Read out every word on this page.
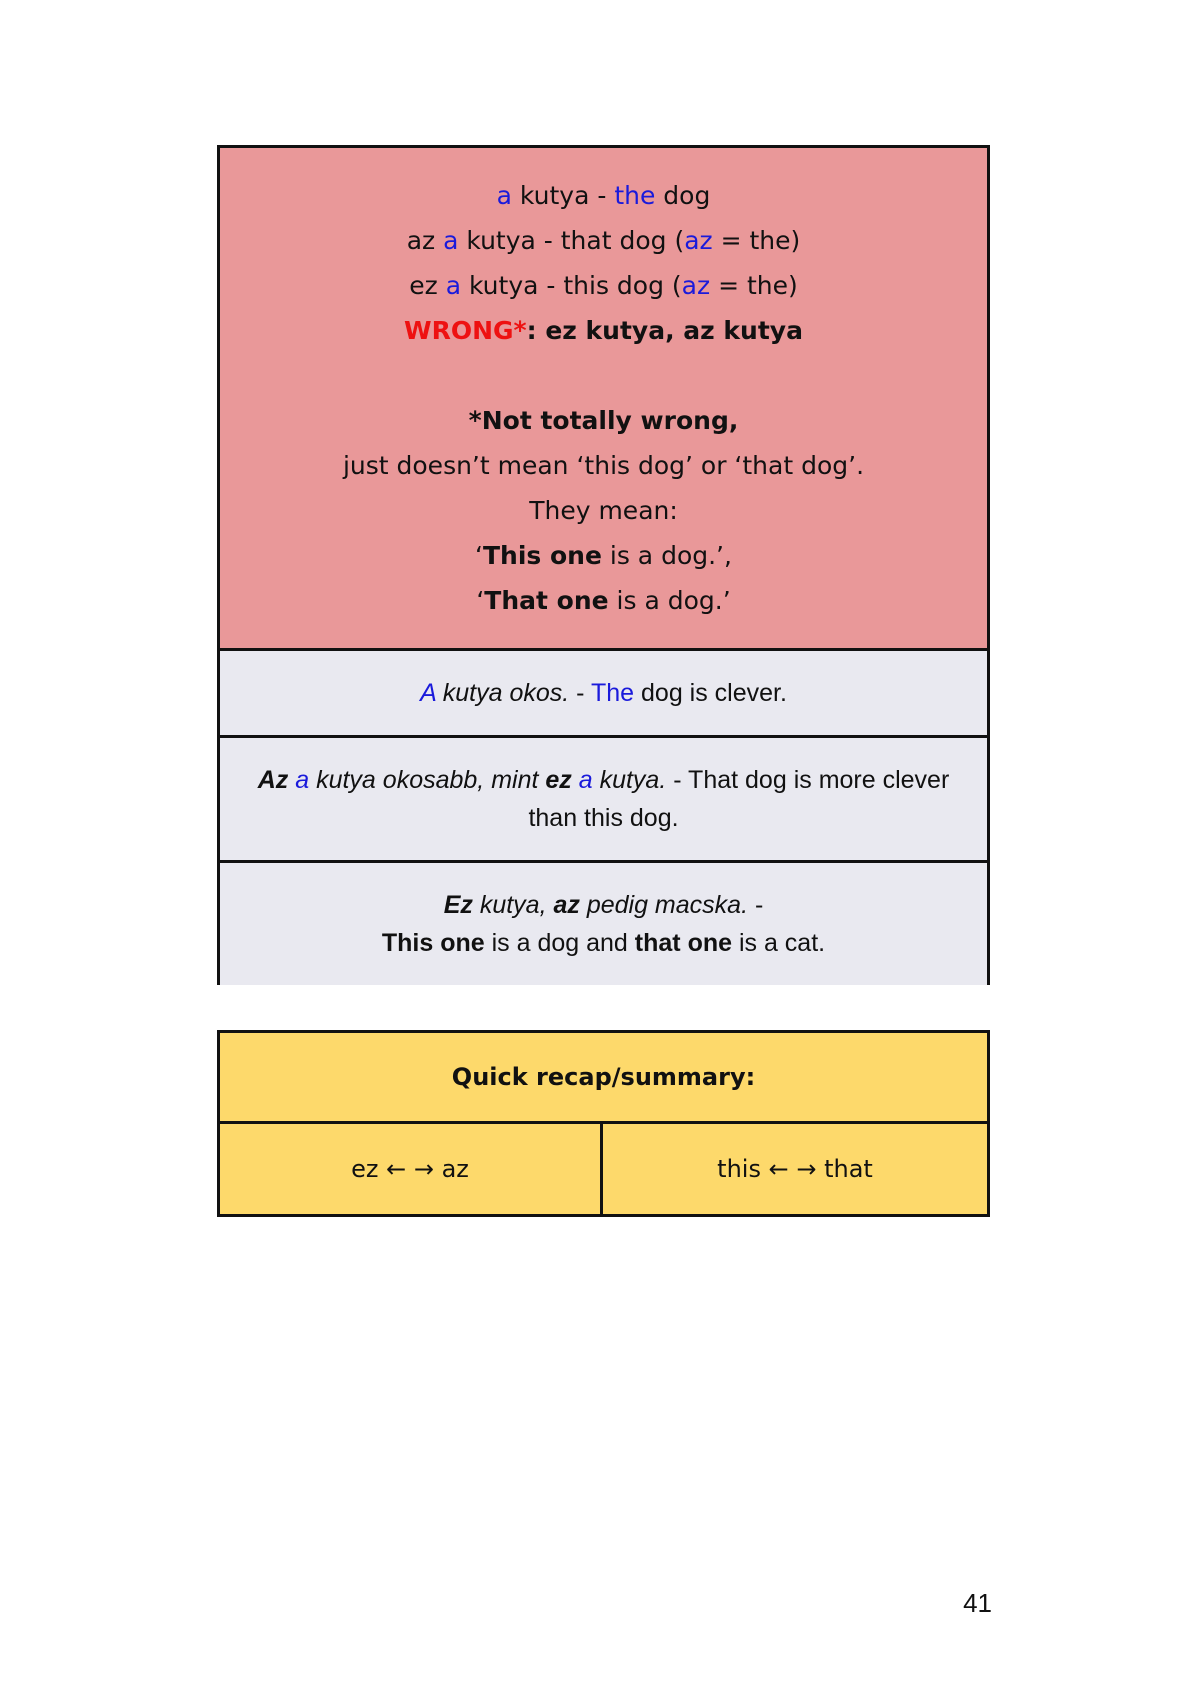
a kutya - the dog
az a kutya - that dog (az = the)
ez a kutya - this dog (az = the)
WRONG*: ez kutya, az kutya
*Not totally wrong,
just doesn’t mean ‘this dog’ or ‘that dog’.
They mean:
‘This one is a dog.’,
‘That one is a dog.’
A kutya okos. - The dog is clever.
Az a kutya okosabb, mint ez a kutya. - That dog is more clever than this dog.
Ez kutya, az pedig macska. -
This one is a dog and that one is a cat.
Quick recap/summary:
ez ← → az	this ← → that
41
